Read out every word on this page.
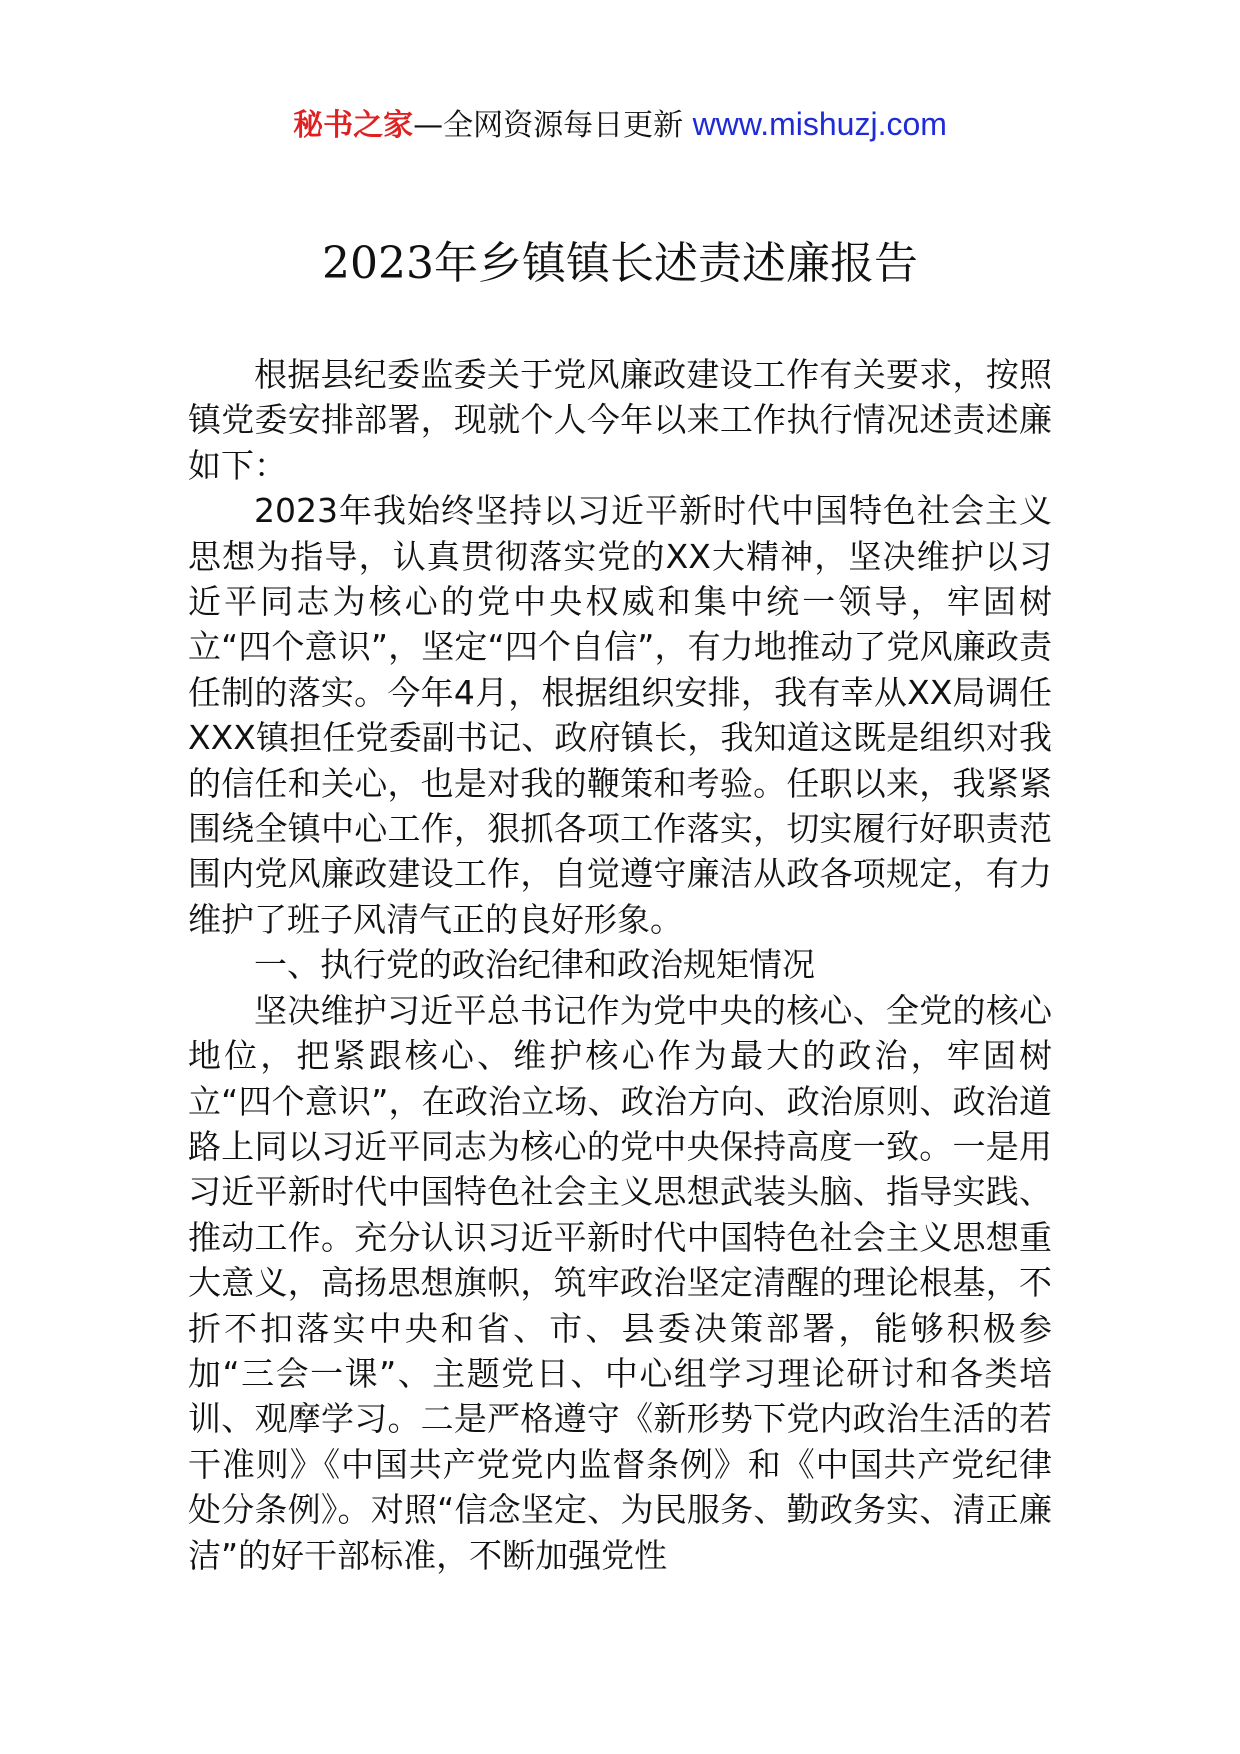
秘书之家—全网资源每日更新 www.mishuzj.com
2023年乡镇镇长述责述廉报告

根据县纪委监委关于党风廉政建设工作有关要求，按照镇党委安排部署，现就个人今年以来工作执行情况述责述廉如下：

2023年我始终坚持以习近平新时代中国特色社会主义思想为指导，认真贯彻落实党的XX大精神，坚决维护以习近平同志为核心的党中央权威和集中统一领导，牢固树立“四个意识”，坚定“四个自信”，有力地推动了党风廉政责任制的落实。今年4月，根据组织安排，我有幸从XX局调任XXX镇担任党委副书记、政府镇长，我知道这既是组织对我的信任和关心，也是对我的鞭策和考验。任职以来，我紧紧围绕全镇中心工作，狠抓各项工作落实，切实履行好职责范围内党风廉政建设工作，自觉遵守廉洁从政各项规定，有力维护了班子风清气正的良好形象。

一、执行党的政治纪律和政治规矩情况

坚决维护习近平总书记作为党中央的核心、全党的核心地位，把紧跟核心、维护核心作为最大的政治，牢固树立“四个意识”，在政治立场、政治方向、政治原则、政治道路上同以习近平同志为核心的党中央保持高度一致。一是用习近平新时代中国特色社会主义思想武装头脑、指导实践、推动工作。充分认识习近平新时代中国特色社会主义思想重大意义，高扬思想旗帜，筑牢政治坚定清醒的理论根基，不折不扣落实中央和省、市、县委决策部署，能够积极参加“三会一课”、主题党日、中心组学习理论研讨和各类培训、观摩学习。二是严格遵守《新形势下党内政治生活的若干准则》《中国共产党党内监督条例》和《中国共产党纪律处分条例》。对照“信念坚定、为民服务、勤政务实、清正廉洁”的好干部标准，不断加强党性
